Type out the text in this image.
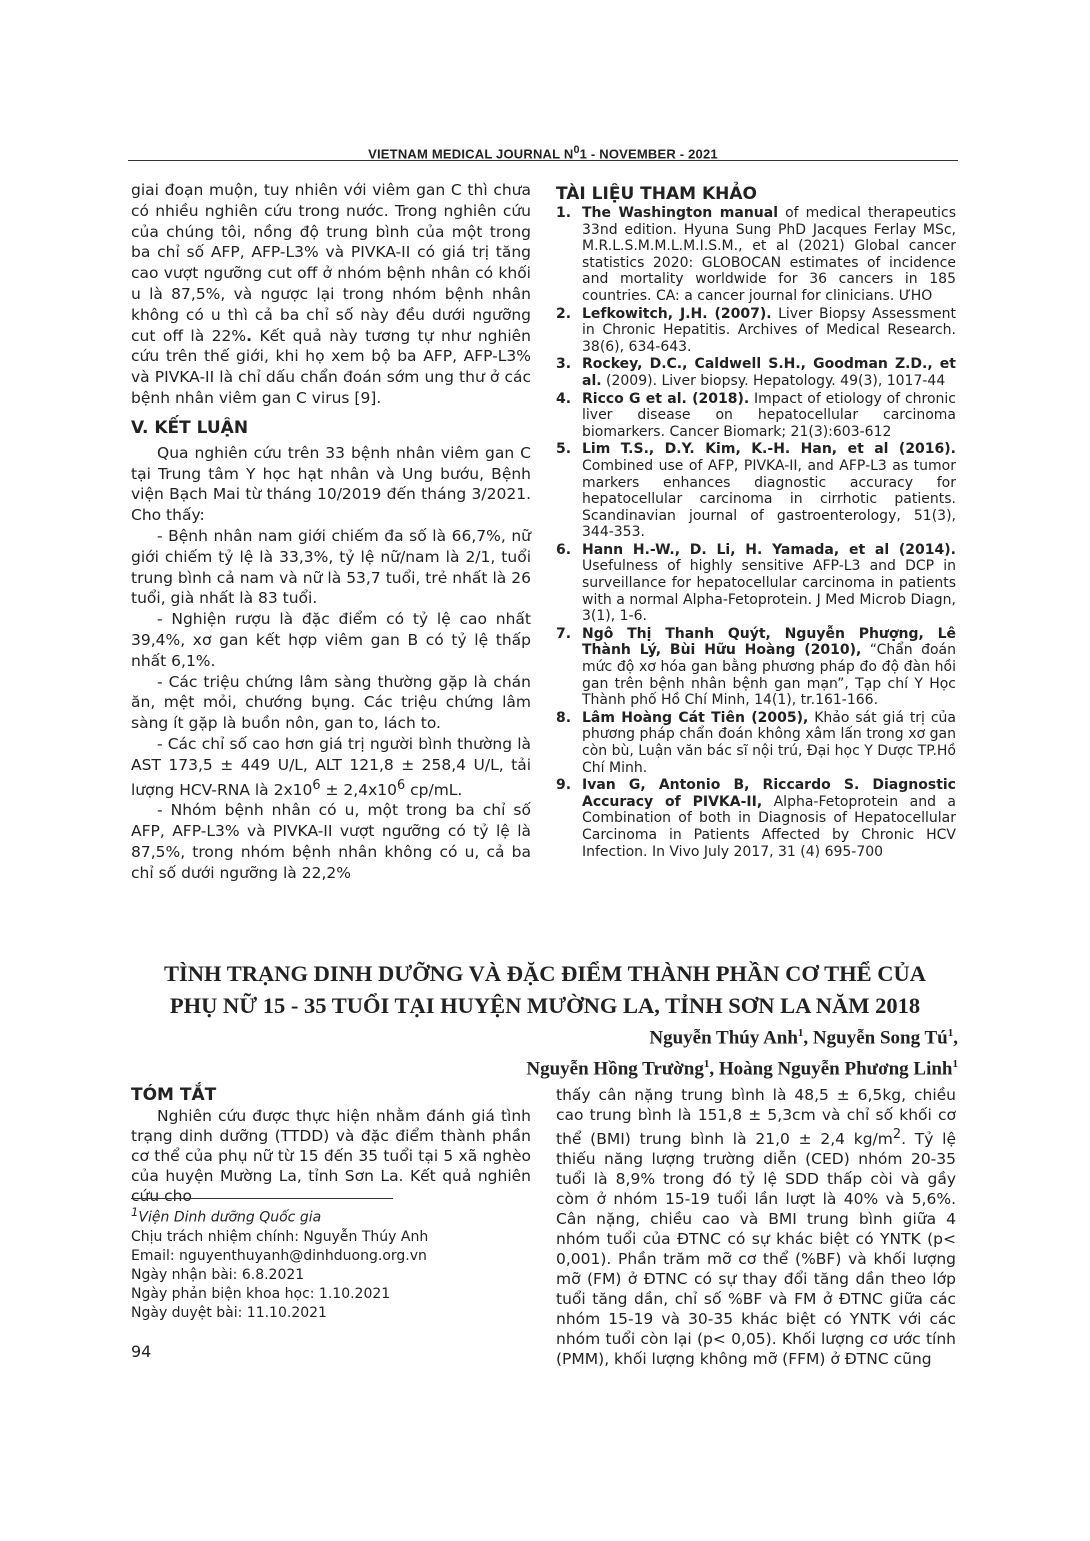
VIETNAM MEDICAL JOURNAL $N^01$ - NOVEMBER - 2021

giai đoạn muộn, tuy nhiên với viêm gan C thì chưa có nhiều nghiên cứu trong nước. Trong nghiên cứu của chúng tôi, nồng độ trung bình của một trong ba chỉ số AFP, AFP-L3% và PIVKA-II có giá trị tăng cao vượt ngưỡng cut off ở nhóm bệnh nhân có khối u là 87,5%, và ngược lại trong nhóm bệnh nhân không có u thì cả ba chỉ số này đều dưới ngưỡng cut off là 22%. Kết quả này tương tự như nghiên cứu trên thế giới, khi họ xem bộ ba AFP, AFP-L3% và PIVKA-II là chỉ dấu chẩn đoán sớm ung thư ở các bệnh nhân viêm gan C virus [9].

V. KẾT LUẬN

Qua nghiên cứu trên 33 bệnh nhân viêm gan C tại Trung tâm Y học hạt nhân và Ung bướu, Bệnh viện Bạch Mai từ tháng 10/2019 đến tháng 3/2021. Cho thấy:

- Bệnh nhân nam giới chiếm đa số là 66,7%, nữ giới chiếm tỷ lệ là 33,3%, tỷ lệ nữ/nam là 2/1, tuổi trung bình cả nam và nữ là 53,7 tuổi, trẻ nhất là 26 tuổi, già nhất là 83 tuổi.

- Nghiện rượu là đặc điểm có tỷ lệ cao nhất 39,4%, xơ gan kết hợp viêm gan B có tỷ lệ thấp nhất 6,1%.

- Các triệu chứng lâm sàng thường gặp là chán ăn, mệt mỏi, chướng bụng. Các triệu chứng lâm sàng ít gặp là buồn nôn, gan to, lách to.

- Các chỉ số cao hơn giá trị người bình thường là AST 173,5 ± 449 U/L, ALT 121,8 ± 258,4 U/L, tải lượng HCV-RNA là $2x10^6 \pm 2,4x10^6$ cp/mL.

- Nhóm bệnh nhân có u, một trong ba chỉ số AFP, AFP-L3% và PIVKA-II vượt ngưỡng có tỷ lệ là 87,5%, trong nhóm bệnh nhân không có u, cả ba chỉ số dưới ngưỡng là 22,2%

TÀI LIỆU THAM KHẢO
1. The Washington manual of medical therapeutics 33nd edition. Hyuna Sung PhD Jacques Ferlay MSc, M.R.L.S.M.M.L.M.I.S.M., et al (2021) Global cancer statistics 2020: GLOBOCAN estimates of incidence and mortality worldwide for 36 cancers in 185 countries. CA: a cancer journal for clinicians. ƯHO
2. Lefkowitch, J.H. (2007). Liver Biopsy Assessment in Chronic Hepatitis. Archives of Medical Research. 38(6), 634-643.
3. Rockey, D.C., Caldwell S.H., Goodman Z.D., et al. (2009). Liver biopsy. Hepatology. 49(3), 1017-44
4. Ricco G et al. (2018). Impact of etiology of chronic liver disease on hepatocellular carcinoma biomarkers. Cancer Biomark; 21(3):603-612
5. Lim T.S., D.Y. Kim, K.-H. Han, et al (2016). Combined use of AFP, PIVKA-II, and AFP-L3 as tumor markers enhances diagnostic accuracy for hepatocellular carcinoma in cirrhotic patients. Scandinavian journal of gastroenterology, 51(3), 344-353.
6. Hann H.-W., D. Li, H. Yamada, et al (2014). Usefulness of highly sensitive AFP-L3 and DCP in surveillance for hepatocellular carcinoma in patients with a normal Alpha-Fetoprotein. J Med Microb Diagn, 3(1), 1-6.
7. Ngô Thị Thanh Quýt, Nguyễn Phượng, Lê Thành Lý, Bùi Hữu Hoàng (2010), “Chẩn đoán mức độ xơ hóa gan bằng phương pháp đo độ đàn hồi gan trên bệnh nhân bệnh gan mạn”, Tạp chí Y Học Thành phố Hồ Chí Minh, 14(1), tr.161-166.
8. Lâm Hoàng Cát Tiên (2005), Khảo sát giá trị của phương pháp chẩn đoán không xâm lấn trong xơ gan còn bù, Luận văn bác sĩ nội trú, Đại học Y Dược TP.Hồ Chí Minh.
9. Ivan G, Antonio B, Riccardo S. Diagnostic Accuracy of PIVKA-II, Alpha-Fetoprotein and a Combination of both in Diagnosis of Hepatocellular Carcinoma in Patients Affected by Chronic HCV Infection. In Vivo July 2017, 31 (4) 695-700
TÌNH TRẠNG DINH DƯỠNG VÀ ĐẶC ĐIỂM THÀNH PHẦN CƠ THỂ CỦA
PHỤ NỮ 15 - 35 TUỔI TẠI HUYỆN MƯỜNG LA, TỈNH SƠN LA NĂM 2018
Nguyễn Thúy Anh$^1$, Nguyễn Song $Tú^1$,
Nguyễn Hồng Trường$^1$, Hoàng Nguyễn Phương Linh$^1$
TÓM TẮT
Nghiên cứu được thực hiện nhằm đánh giá tình trạng dinh dưỡng (TTDD) và đặc điểm thành phần cơ thể của phụ nữ từ 15 đến 35 tuổi tại 5 xã nghèo của huyện Mường La, tỉnh Sơn La. Kết quả nghiên cứu cho
thấy cân nặng trung bình là 48,5 ± 6,5kg, chiều cao trung bình là 151,8 ± 5,3cm và chỉ số khối cơ thể (BMI) trung bình là 21,0 ± 2,4 $kg/m^2$. Tỷ lệ thiếu năng lượng trường diễn (CED) nhóm 20-35 tuổi là 8,9% trong đó tỷ lệ SDD thấp còi và gầy còm ở nhóm 15-19 tuổi lần lượt là 40% và 5,6%. Cân nặng, chiều cao và BMI trung bình giữa 4 nhóm tuổi của ĐTNC có sự khác biệt có YNTK (p< 0,001). Phần trăm mỡ cơ thể (%BF) và khối lượng mỡ (FM) ở ĐTNC có sự thay đổi tăng dần theo lớp tuổi tăng dần, chỉ số %BF và FM ở ĐTNC giữa các nhóm 15-19 và 30-35 khác biệt có YNTK với các nhóm tuổi còn lại (p< 0,05). Khối lượng cơ ước tính (PMM), khối lượng không mỡ (FFM) ở ĐTNC cũng
$^1$Viện Dinh dưỡng Quốc gia
Chịu trách nhiệm chính: Nguyễn Thúy Anh
Email: nguyenthuyanh@dinhduong.org.vn
Ngày nhận bài: 6.8.2021
Ngày phản biện khoa học: 1.10.2021
Ngày duyệt bài: 11.10.2021
94
